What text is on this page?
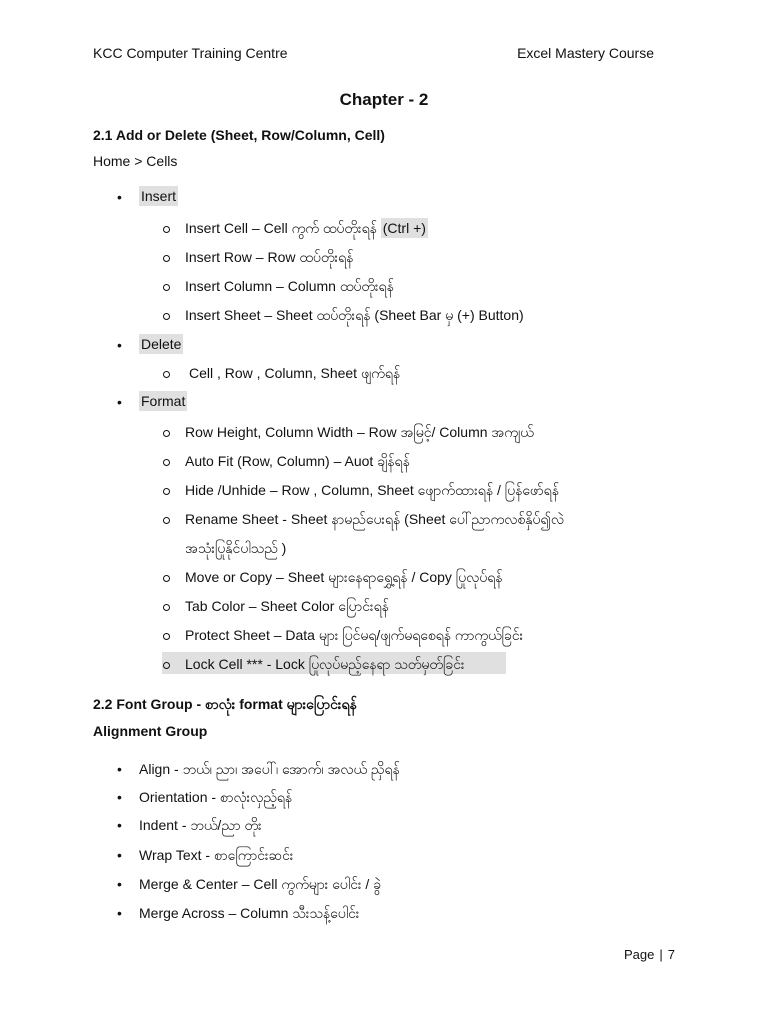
KCC Computer Training Centre	Excel Mastery Course
Chapter - 2
2.1 Add or Delete (Sheet, Row/Column, Cell)
Home > Cells
• Insert
Insert Cell – Cell ကွက် ထပ်တိုးရန် (Ctrl +)
Insert Row – Row ထပ်တိုးရန်
Insert Column – Column ထပ်တိုးရန်
Insert Sheet – Sheet ထပ်တိုးရန် (Sheet Bar မှ (+) Button)
• Delete
Cell , Row , Column, Sheet ဖျက်ရန်
• Format
Row Height, Column Width – Row အမြင့်/ Column အကျယ်
Auto Fit (Row, Column) – Auot ချိန်ရန်
Hide /Unhide – Row , Column, Sheet ဖျောက်ထားရန် / ပြန်ဖော်ရန်
Rename Sheet - Sheet နာမည်ပေးရန် (Sheet ပေါ်ညာကလစ်နှိပ်၍လဲ
အသုံးပြုနိုင်ပါသည် )
Move or Copy – Sheet များနေရာရွှေ့ရန် / Copy ပြုလုပ်ရန်
Tab Color – Sheet Color ပြောင်းရန်
Protect Sheet – Data များ ပြင်မရ/ဖျက်မရစေရန် ကာကွယ်ခြင်း
Lock Cell *** - Lock ပြုလုပ်မည့်နေရာ သတ်မှတ်ခြင်း
2.2 Font Group - စာလုံး format များပြောင်းရန်
Alignment Group
• Align - ဘယ်၊ ညာ၊ အပေါ်၊ အောက်၊ အလယ် ညှိရန်
• Orientation - စာလုံးလှည့်ရန်
• Indent - ဘယ်/ညာ တိုး
• Wrap Text - စာကြောင်းဆင်း
• Merge & Center – Cell ကွက်များ ပေါင်း / ခွဲ
• Merge Across – Column သီးသန့်ပေါင်း
Page | 7
